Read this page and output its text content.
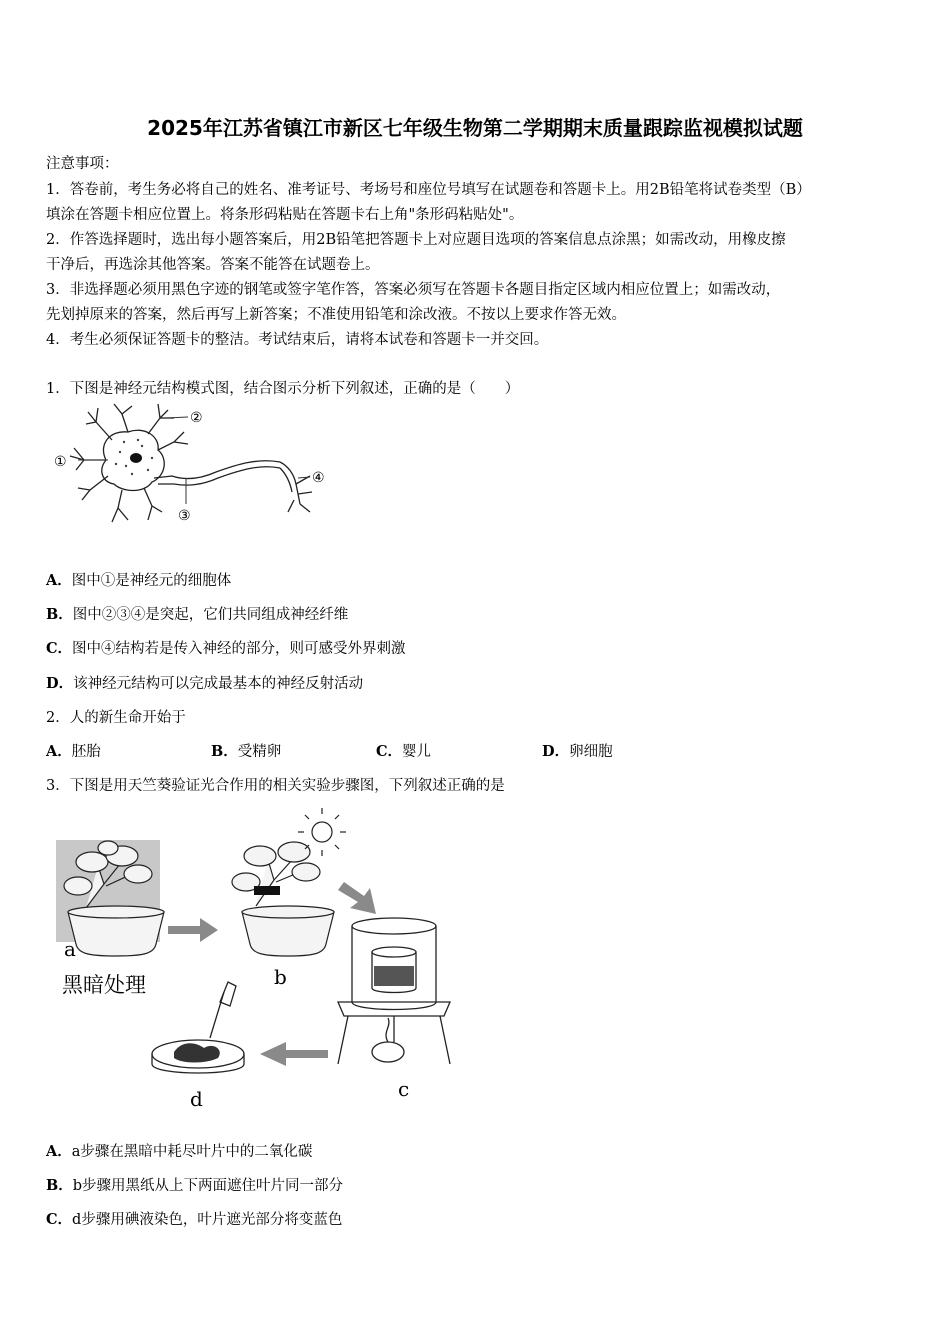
2025年江苏省镇江市新区七年级生物第二学期期末质量跟踪监视模拟试题
注意事项：
1．答卷前，考生务必将自己的姓名、准考证号、考场号和座位号填写在试题卷和答题卡上。用2B铅笔将试卷类型（B）
填涂在答题卡相应位置上。将条形码粘贴在答题卡右上角"条形码粘贴处"。
2．作答选择题时，选出每小题答案后，用2B铅笔把答题卡上对应题目选项的答案信息点涂黑；如需改动，用橡皮擦
干净后，再选涂其他答案。答案不能答在试题卷上。
3．非选择题必须用黑色字迹的钢笔或签字笔作答，答案必须写在答题卡各题目指定区域内相应位置上；如需改动，
先划掉原来的答案，然后再写上新答案；不准使用铅笔和涂改液。不按以上要求作答无效。
4．考生必须保证答题卡的整洁。考试结束后，请将本试卷和答题卡一并交回。
1．下图是神经元结构模式图，结合图示分析下列叙述，正确的是（　　）
①
②
③
④
A．图中①是神经元的细胞体
B．图中②③④是突起，它们共同组成神经纤维
C．图中④结构若是传入神经的部分，则可感受外界刺激
D．该神经元结构可以完成最基本的神经反射活动
2．人的新生命开始于
A．胚胎	B．受精卵	C．婴儿	D．卵细胞
3．下图是用天竺葵验证光合作用的相关实验步骤图，下列叙述正确的是
a
黑暗处理	b
c
d
A．a步骤在黑暗中耗尽叶片中的二氧化碳
B．b步骤用黑纸从上下两面遮住叶片同一部分
C．d步骤用碘液染色，叶片遮光部分将变蓝色
